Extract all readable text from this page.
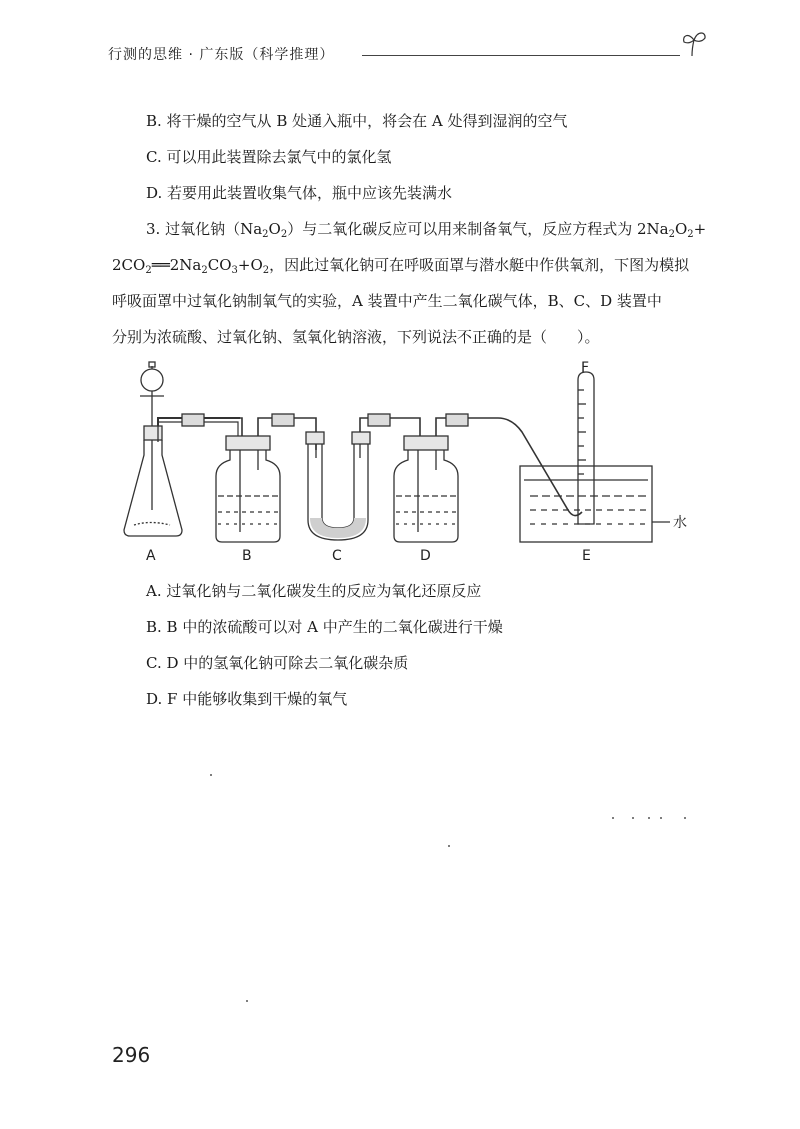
行测的思维 · 广东版（科学推理）
B. 将干燥的空气从 B 处通入瓶中，将会在 A 处得到湿润的空气
C. 可以用此装置除去氯气中的氯化氢
D. 若要用此装置收集气体，瓶中应该先装满水
3. 过氧化钠$(Na_2O_2)$与二氧化碳反应可以用来制备氧气，反应方程式为 $2Na_2O_2+$
$2CO_2══2Na_2CO_3+O_2$，因此过氧化钠可在呼吸面罩与潜水艇中作供氧剂，下图为模拟
呼吸面罩中过氧化钠制氧气的实验，A 装置中产生二氧化碳气体，B、C、D 装置中
分别为浓硫酸、过氧化钠、氢氧化钠溶液，下列说法不正确的是（　　）。
A	B	C	D	E
F
水
A. 过氧化钠与二氧化碳发生的反应为氧化还原反应
B. B 中的浓硫酸可以对 A 中产生的二氧化碳进行干燥
C. D 中的氢氧化钠可除去二氧化碳杂质
D. F 中能够收集到干燥的氧气
296
